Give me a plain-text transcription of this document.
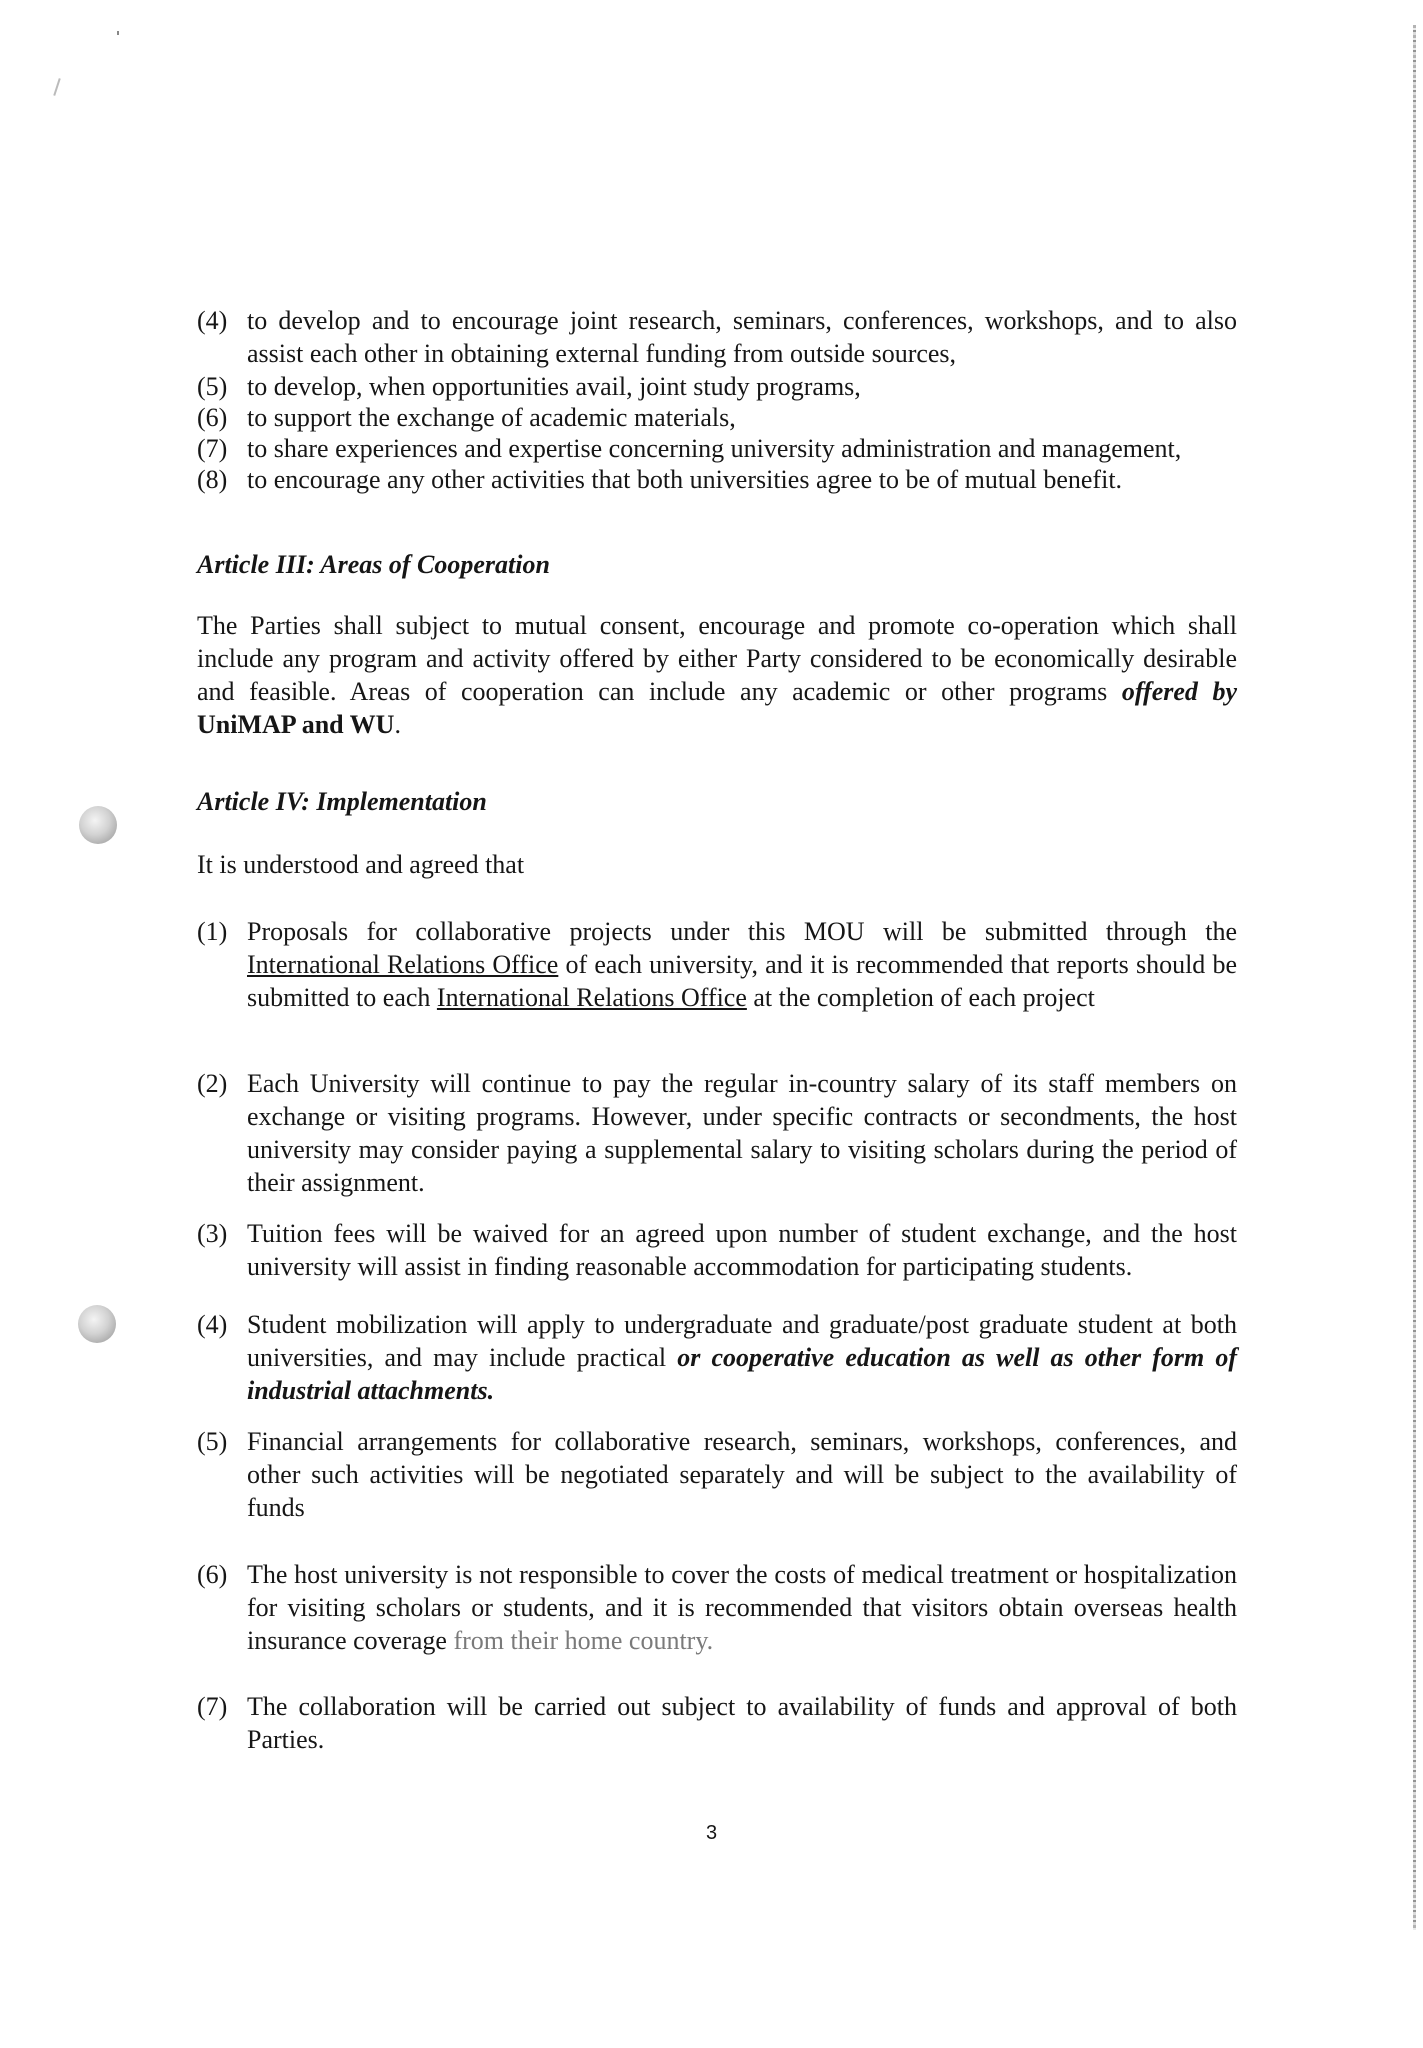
(4) to develop and to encourage joint research, seminars, conferences, workshops, and to also assist each other in obtaining external funding from outside sources,
(5) to develop, when opportunities avail, joint study programs,
(6) to support the exchange of academic materials,
(7) to share experiences and expertise concerning university administration and management,
(8) to encourage any other activities that both universities agree to be of mutual benefit.
Article III: Areas of Cooperation
The Parties shall subject to mutual consent, encourage and promote co-operation which shall include any program and activity offered by either Party considered to be economically desirable and feasible. Areas of cooperation can include any academic or other programs offered by UniMAP and WU.
Article IV: Implementation
It is understood and agreed that
(1) Proposals for collaborative projects under this MOU will be submitted through the International Relations Office of each university, and it is recommended that reports should be submitted to each International Relations Office at the completion of each project
(2) Each University will continue to pay the regular in-country salary of its staff members on exchange or visiting programs. However, under specific contracts or secondments, the host university may consider paying a supplemental salary to visiting scholars during the period of their assignment.
(3) Tuition fees will be waived for an agreed upon number of student exchange, and the host university will assist in finding reasonable accommodation for participating students.
(4) Student mobilization will apply to undergraduate and graduate/post graduate student at both universities, and may include practical or cooperative education as well as other form of industrial attachments.
(5) Financial arrangements for collaborative research, seminars, workshops, conferences, and other such activities will be negotiated separately and will be subject to the availability of funds
(6) The host university is not responsible to cover the costs of medical treatment or hospitalization for visiting scholars or students, and it is recommended that visitors obtain overseas health insurance coverage from their home country.
(7) The collaboration will be carried out subject to availability of funds and approval of both Parties.
3
